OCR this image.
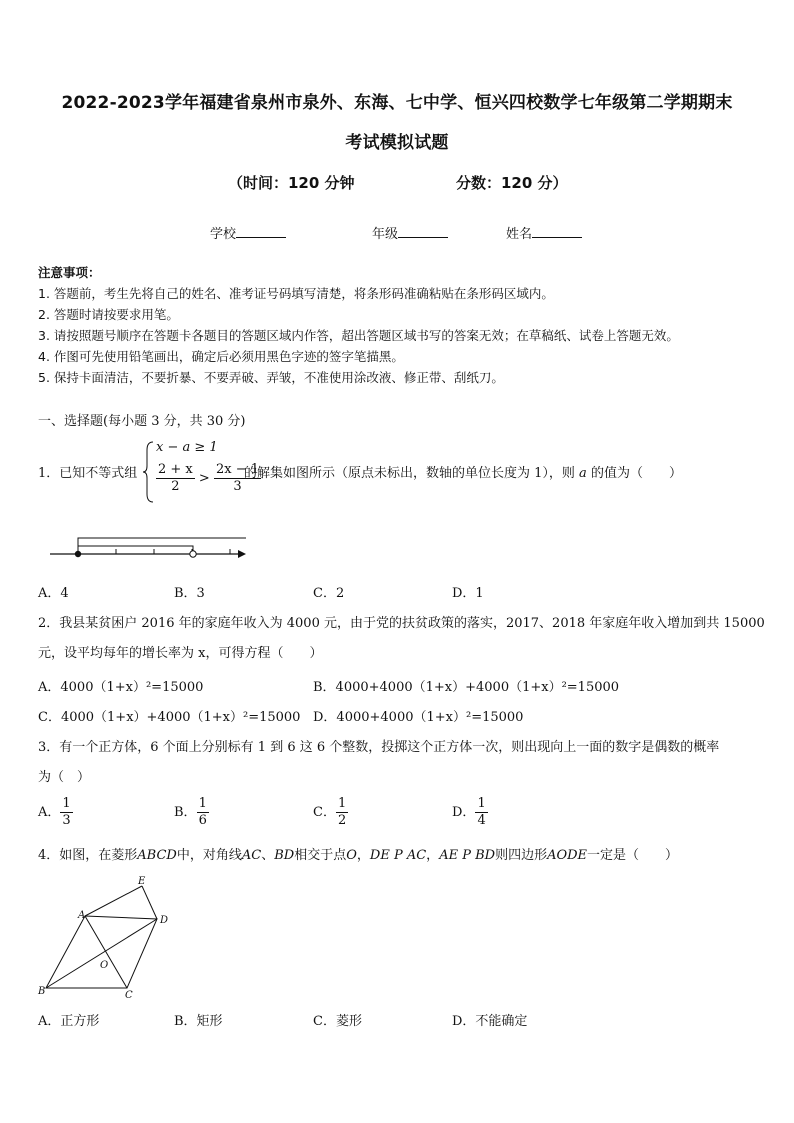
2022-2023学年福建省泉州市泉外、东海、七中学、恒兴四校数学七年级第二学期期末
考试模拟试题
（时间：120 分钟	分数：120 分）
学校	年级	姓名
注意事项：
1. 答题前，考生先将自己的姓名、准考证号码填写清楚，将条形码准确粘贴在条形码区域内。
2. 答题时请按要求用笔。
3. 请按照题号顺序在答题卡各题目的答题区域内作答，超出答题区域书写的答案无效；在草稿纸、试卷上答题无效。
4. 作图可先使用铅笔画出，确定后必须用黑色字迹的签字笔描黑。
5. 保持卡面清洁，不要折暴、不要弄破、弄皱，不准使用涂改液、修正带、刮纸刀。
一、选择题(每小题 3 分，共 30 分)
1．已知不等式组
x − a ≥ 1
$\frac{2 + x}{2} > \frac{2x - 1}{3}$
的解集如图所示（原点未标出，数轴的单位长度为 1），则 a 的值为（　　）
A．4	B．3	C．2	D．1
2．我县某贫困户 2016 年的家庭年收入为 4000 元，由于党的扶贫政策的落实，2017、2018 年家庭年收入增加到共 15000
元，设平均每年的增长率为 x，可得方程（　　）
A．4000（1+x）²=15000	B．4000+4000（1+x）+4000（1+x）²=15000
C．4000（1+x）+4000（1+x）²=15000 D．4000+4000（1+x）²=15000
3．有一个正方体，6 个面上分别标有 1 到 6 这 6 个整数，投掷这个正方体一次，则出现向上一面的数字是偶数的概率
为（　）
A． $\frac{1}{3}$	B． $\frac{1}{6}$	C． $\frac{1}{2}$	D． $\frac{1}{4}$
4．如图，在菱形ABCD中，对角线AC、BD相交于点O，DE P AC，AE P BD则四边形AODE一定是（　　）
A
B	C
D
E
O
A．正方形	B．矩形	C．菱形	D．不能确定
